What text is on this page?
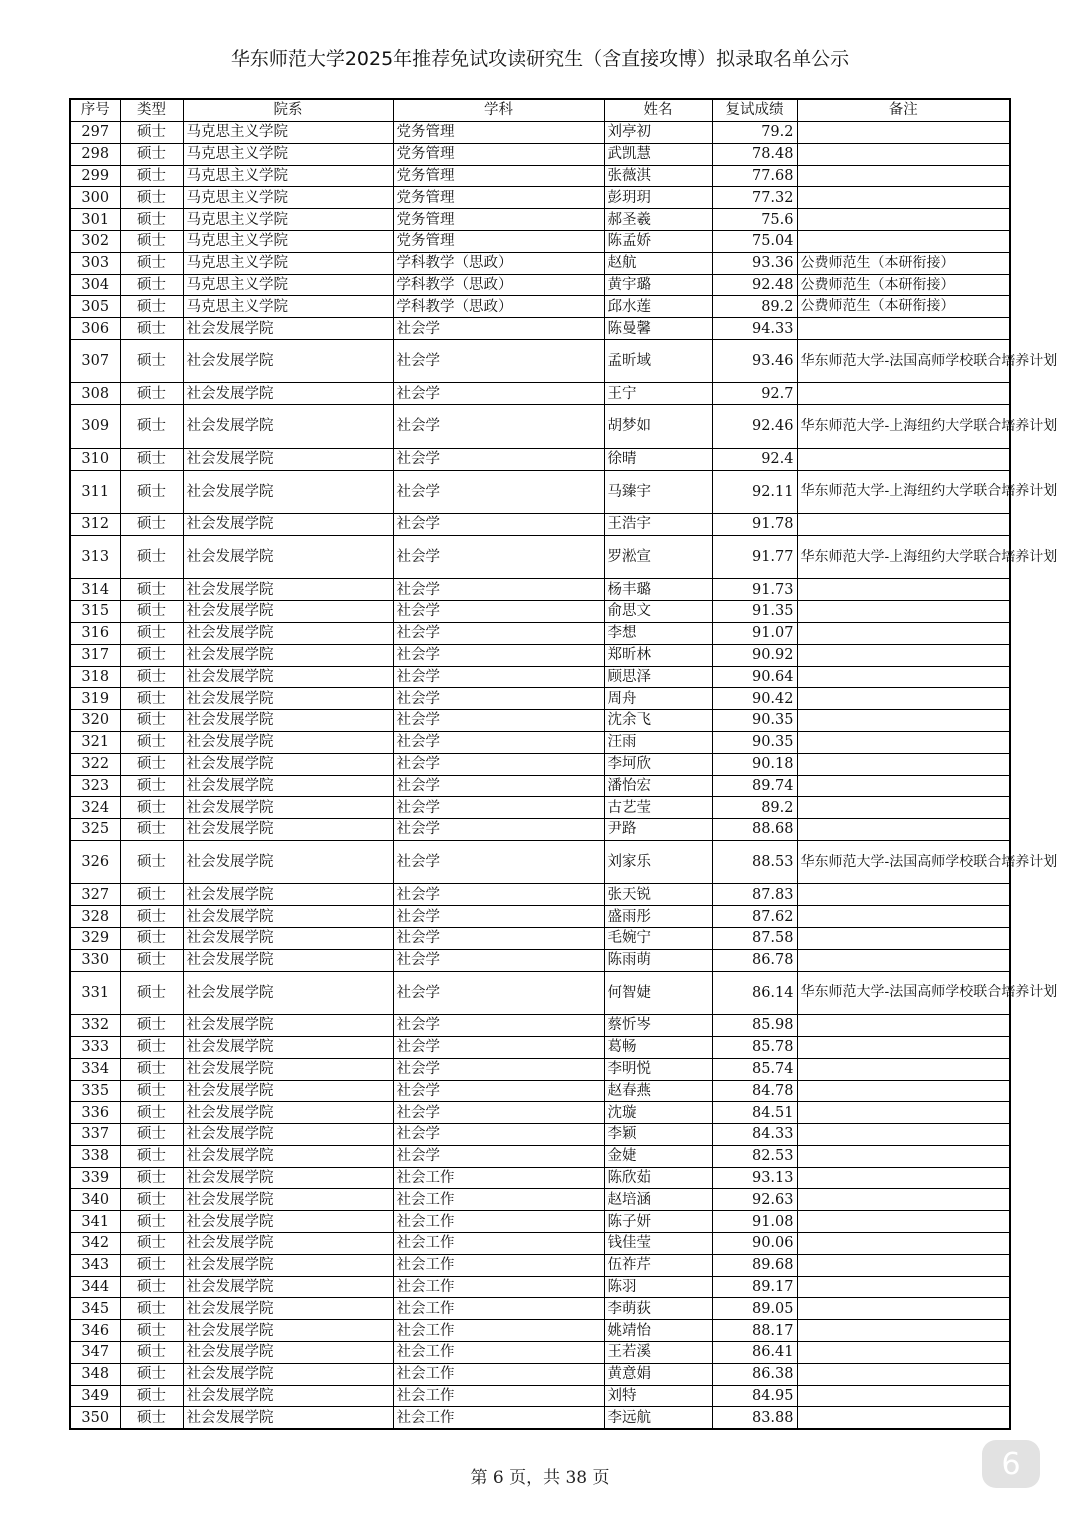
华东师范大学2025年推荐免试攻读研究生（含直接攻博）拟录取名单公示
序号	类型	院系	学科	姓名	复试成绩	备注
297	硕士	马克思主义学院	党务管理	刘亭初	79.2	
298	硕士	马克思主义学院	党务管理	武凯慧	78.48	
299	硕士	马克思主义学院	党务管理	张薇淇	77.68	
300	硕士	马克思主义学院	党务管理	彭玥玥	77.32	
301	硕士	马克思主义学院	党务管理	郝圣羲	75.6	
302	硕士	马克思主义学院	党务管理	陈孟娇	75.04	
303	硕士	马克思主义学院	学科教学（思政）	赵航	93.36	公费师范生（本研衔接）
304	硕士	马克思主义学院	学科教学（思政）	黄宇璐	92.48	公费师范生（本研衔接）
305	硕士	马克思主义学院	学科教学（思政）	邱水莲	89.2	公费师范生（本研衔接）
306	硕士	社会发展学院	社会学	陈曼馨	94.33	
307	硕士	社会发展学院	社会学	孟昕域	93.46	华东师范大学-法国高师学校联合培养计划
308	硕士	社会发展学院	社会学	王宁	92.7	
309	硕士	社会发展学院	社会学	胡梦如	92.46	华东师范大学-上海纽约大学联合培养计划
310	硕士	社会发展学院	社会学	徐晴	92.4	
311	硕士	社会发展学院	社会学	马臻宇	92.11	华东师范大学-上海纽约大学联合培养计划
312	硕士	社会发展学院	社会学	王浩宇	91.78	
313	硕士	社会发展学院	社会学	罗淞宣	91.77	华东师范大学-上海纽约大学联合培养计划
314	硕士	社会发展学院	社会学	杨丰璐	91.73	
315	硕士	社会发展学院	社会学	俞思文	91.35	
316	硕士	社会发展学院	社会学	李想	91.07	
317	硕士	社会发展学院	社会学	郑昕林	90.92	
318	硕士	社会发展学院	社会学	顾思泽	90.64	
319	硕士	社会发展学院	社会学	周舟	90.42	
320	硕士	社会发展学院	社会学	沈余飞	90.35	
321	硕士	社会发展学院	社会学	汪雨	90.35	
322	硕士	社会发展学院	社会学	李坷欣	90.18	
323	硕士	社会发展学院	社会学	潘怡宏	89.74	
324	硕士	社会发展学院	社会学	古艺莹	89.2	
325	硕士	社会发展学院	社会学	尹路	88.68	
326	硕士	社会发展学院	社会学	刘家乐	88.53	华东师范大学-法国高师学校联合培养计划
327	硕士	社会发展学院	社会学	张天锐	87.83	
328	硕士	社会发展学院	社会学	盛雨彤	87.62	
329	硕士	社会发展学院	社会学	毛婉宁	87.58	
330	硕士	社会发展学院	社会学	陈雨萌	86.78	
331	硕士	社会发展学院	社会学	何智婕	86.14	华东师范大学-法国高师学校联合培养计划
332	硕士	社会发展学院	社会学	蔡忻岑	85.98	
333	硕士	社会发展学院	社会学	葛畅	85.78	
334	硕士	社会发展学院	社会学	李明悦	85.74	
335	硕士	社会发展学院	社会学	赵春燕	84.78	
336	硕士	社会发展学院	社会学	沈璇	84.51	
337	硕士	社会发展学院	社会学	李颖	84.33	
338	硕士	社会发展学院	社会学	金婕	82.53	
339	硕士	社会发展学院	社会工作	陈欣茹	93.13	
340	硕士	社会发展学院	社会工作	赵培涵	92.63	
341	硕士	社会发展学院	社会工作	陈子妍	91.08	
342	硕士	社会发展学院	社会工作	钱佳莹	90.06	
343	硕士	社会发展学院	社会工作	伍祚芹	89.68	
344	硕士	社会发展学院	社会工作	陈羽	89.17	
345	硕士	社会发展学院	社会工作	李萌荻	89.05	
346	硕士	社会发展学院	社会工作	姚靖怡	88.17	
347	硕士	社会发展学院	社会工作	王若溪	86.41	
348	硕士	社会发展学院	社会工作	黄意娟	86.38	
349	硕士	社会发展学院	社会工作	刘特	84.95	
350	硕士	社会发展学院	社会工作	李远航	83.88	
第 6 页，共 38 页	6
